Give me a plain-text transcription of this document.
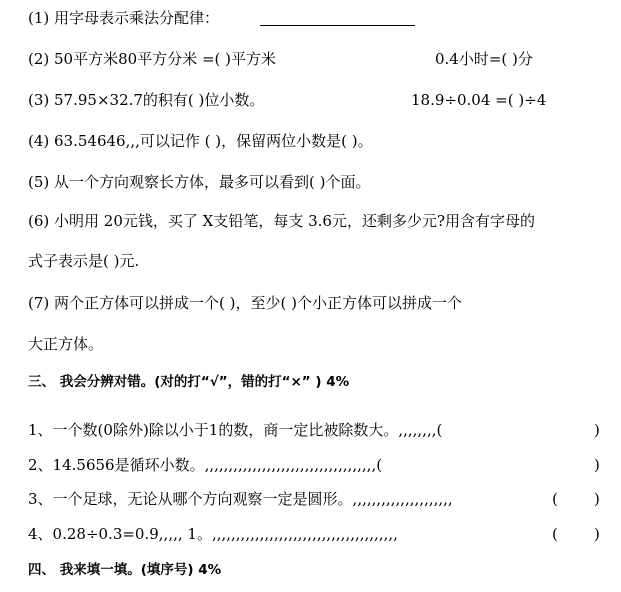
(1) 用字母表示乘法分配律：
(2) 50平方米80平方分米 =( )平方米	0.4小时=( )分
(3) 57.95×32.7的积有( )位小数。	18.9÷0.04 =( )÷4
(4) 63.54646,,,可以记作 ( )，保留两位小数是( )。
(5) 从一个方向观察长方体，最多可以看到( )个面。
(6) 小明用 20元钱，买了 X支铅笔，每支 3.6元，还剩多少元?用含有字母的
式子表示是( )元.
(7) 两个正方体可以拼成一个( )，至少( )个小正方体可以拼成一个
大正方体。
三、 我会分辨对错。(对的打“√”，错的打“×” ) 4%
1、一个数(0除外)除以小于1的数，商一定比被除数大。,,,,,,,,(	)
2、14.5656是循环小数。,,,,,,,,,,,,,,,,,,,,,,,,,,,,,,,,,,,,(	)
3、一个足球，无论从哪个方向观察一定是圆形。,,,,,,,,,,,,,,,,,,,,,	( )
4、0.28÷0.3=0.9,,,,, 1。,,,,,,,,,,,,,,,,,,,,,,,,,,,,,,,,,,,,,,,	( )
四、 我来填一填。(填序号) 4%
